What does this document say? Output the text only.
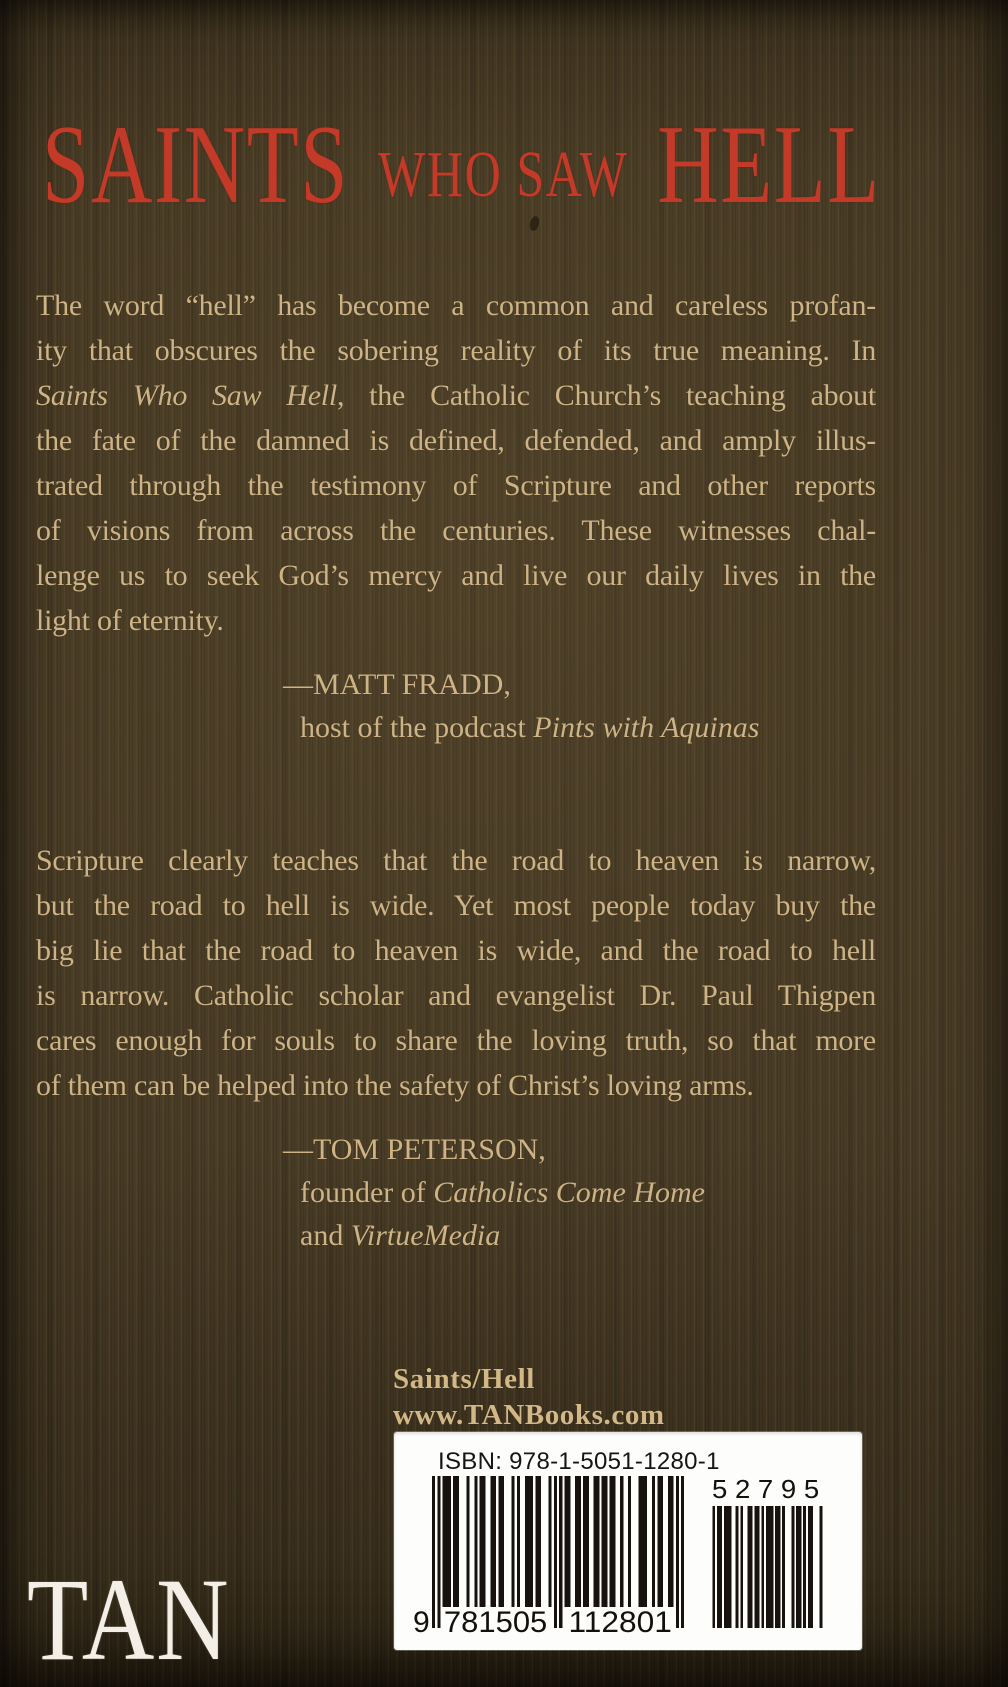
SAINTS WHO SAW HELL
The word “hell” has become a common and careless profan-
ity that obscures the sobering reality of its true meaning. In
Saints Who Saw Hell, the Catholic Church’s teaching about
the fate of the damned is defined, defended, and amply illus-
trated through the testimony of Scripture and other reports
of visions from across the centuries. These witnesses chal-
lenge us to seek God’s mercy and live our daily lives in the
light of eternity.
—MATT FRADD,
host of the podcast Pints with Aquinas
Scripture clearly teaches that the road to heaven is narrow,
but the road to hell is wide. Yet most people today buy the
big lie that the road to heaven is wide, and the road to hell
is narrow. Catholic scholar and evangelist Dr. Paul Thigpen
cares enough for souls to share the loving truth, so that more
of them can be helped into the safety of Christ’s loving arms.
—TOM PETERSON,
founder of Catholics Come Home
and VirtueMedia
Saints/Hell
www.TANBooks.com
ISBN: 978-1-5051-1280-1
9 781505 112801
5 2 7 9 5
TAN
